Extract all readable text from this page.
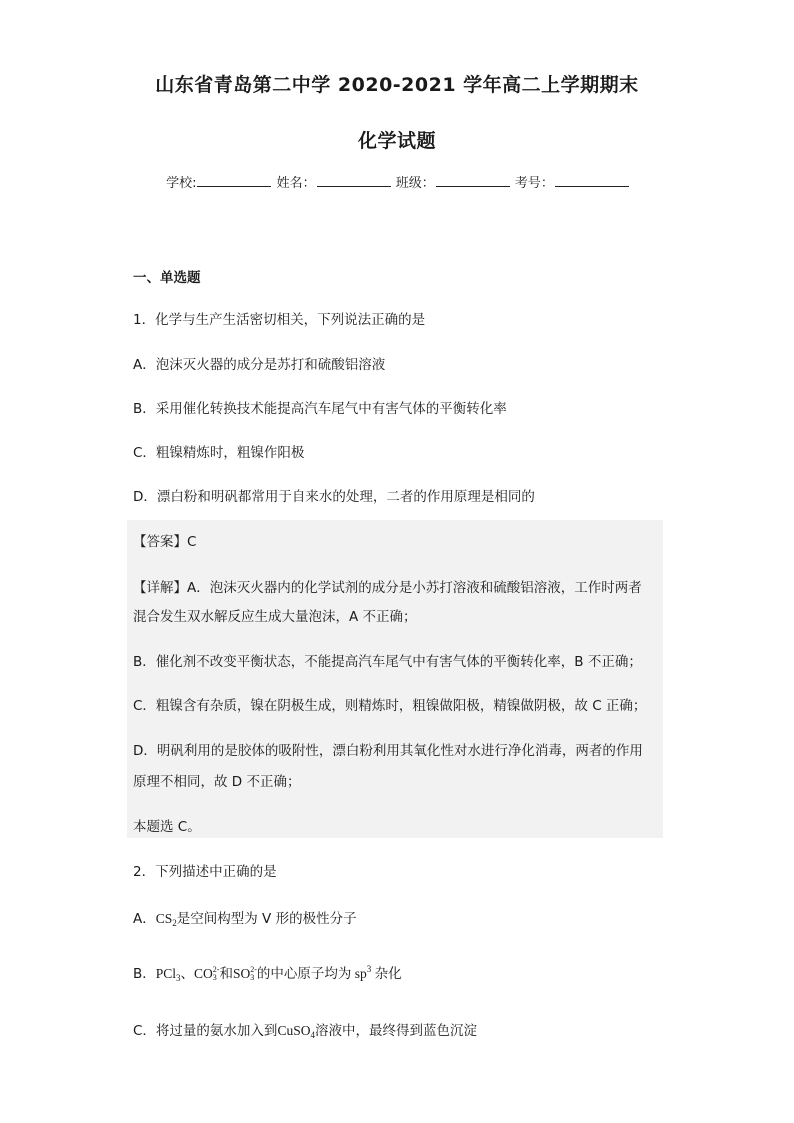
山东省青岛第二中学 2020-2021 学年高二上学期期末
化学试题
学校:	姓名：	班级：	考号：
一、单选题
1．化学与生产生活密切相关，下列说法正确的是
A．泡沫灭火器的成分是苏打和硫酸铝溶液
B．采用催化转换技术能提高汽车尾气中有害气体的平衡转化率
C．粗镍精炼时，粗镍作阳极
D．漂白粉和明矾都常用于自来水的处理，二者的作用原理是相同的
【答案】C
【详解】A．泡沫灭火器内的化学试剂的成分是小苏打溶液和硫酸铝溶液，工作时两者
混合发生双水解反应生成大量泡沫，A 不正确；
B．催化剂不改变平衡状态，不能提高汽车尾气中有害气体的平衡转化率，B 不正确；
C．粗镍含有杂质，镍在阴极生成，则精炼时，粗镍做阳极，精镍做阴极，故 C 正确；
D．明矾利用的是胶体的吸附性，漂白粉利用其氧化性对水进行净化消毒，两者的作用
原理不相同，故 D 不正确；
本题选 C。
2．下列描述中正确的是
A．$CS_2$是空间构型为 V 形的极性分子
B．PCl$_3$、CO2-
3 和SO2-
3 的中心原子均为 $sp^3$ 杂化
C．将过量的氨水加入到CuSO$_4$溶液中，最终得到蓝色沉淀
